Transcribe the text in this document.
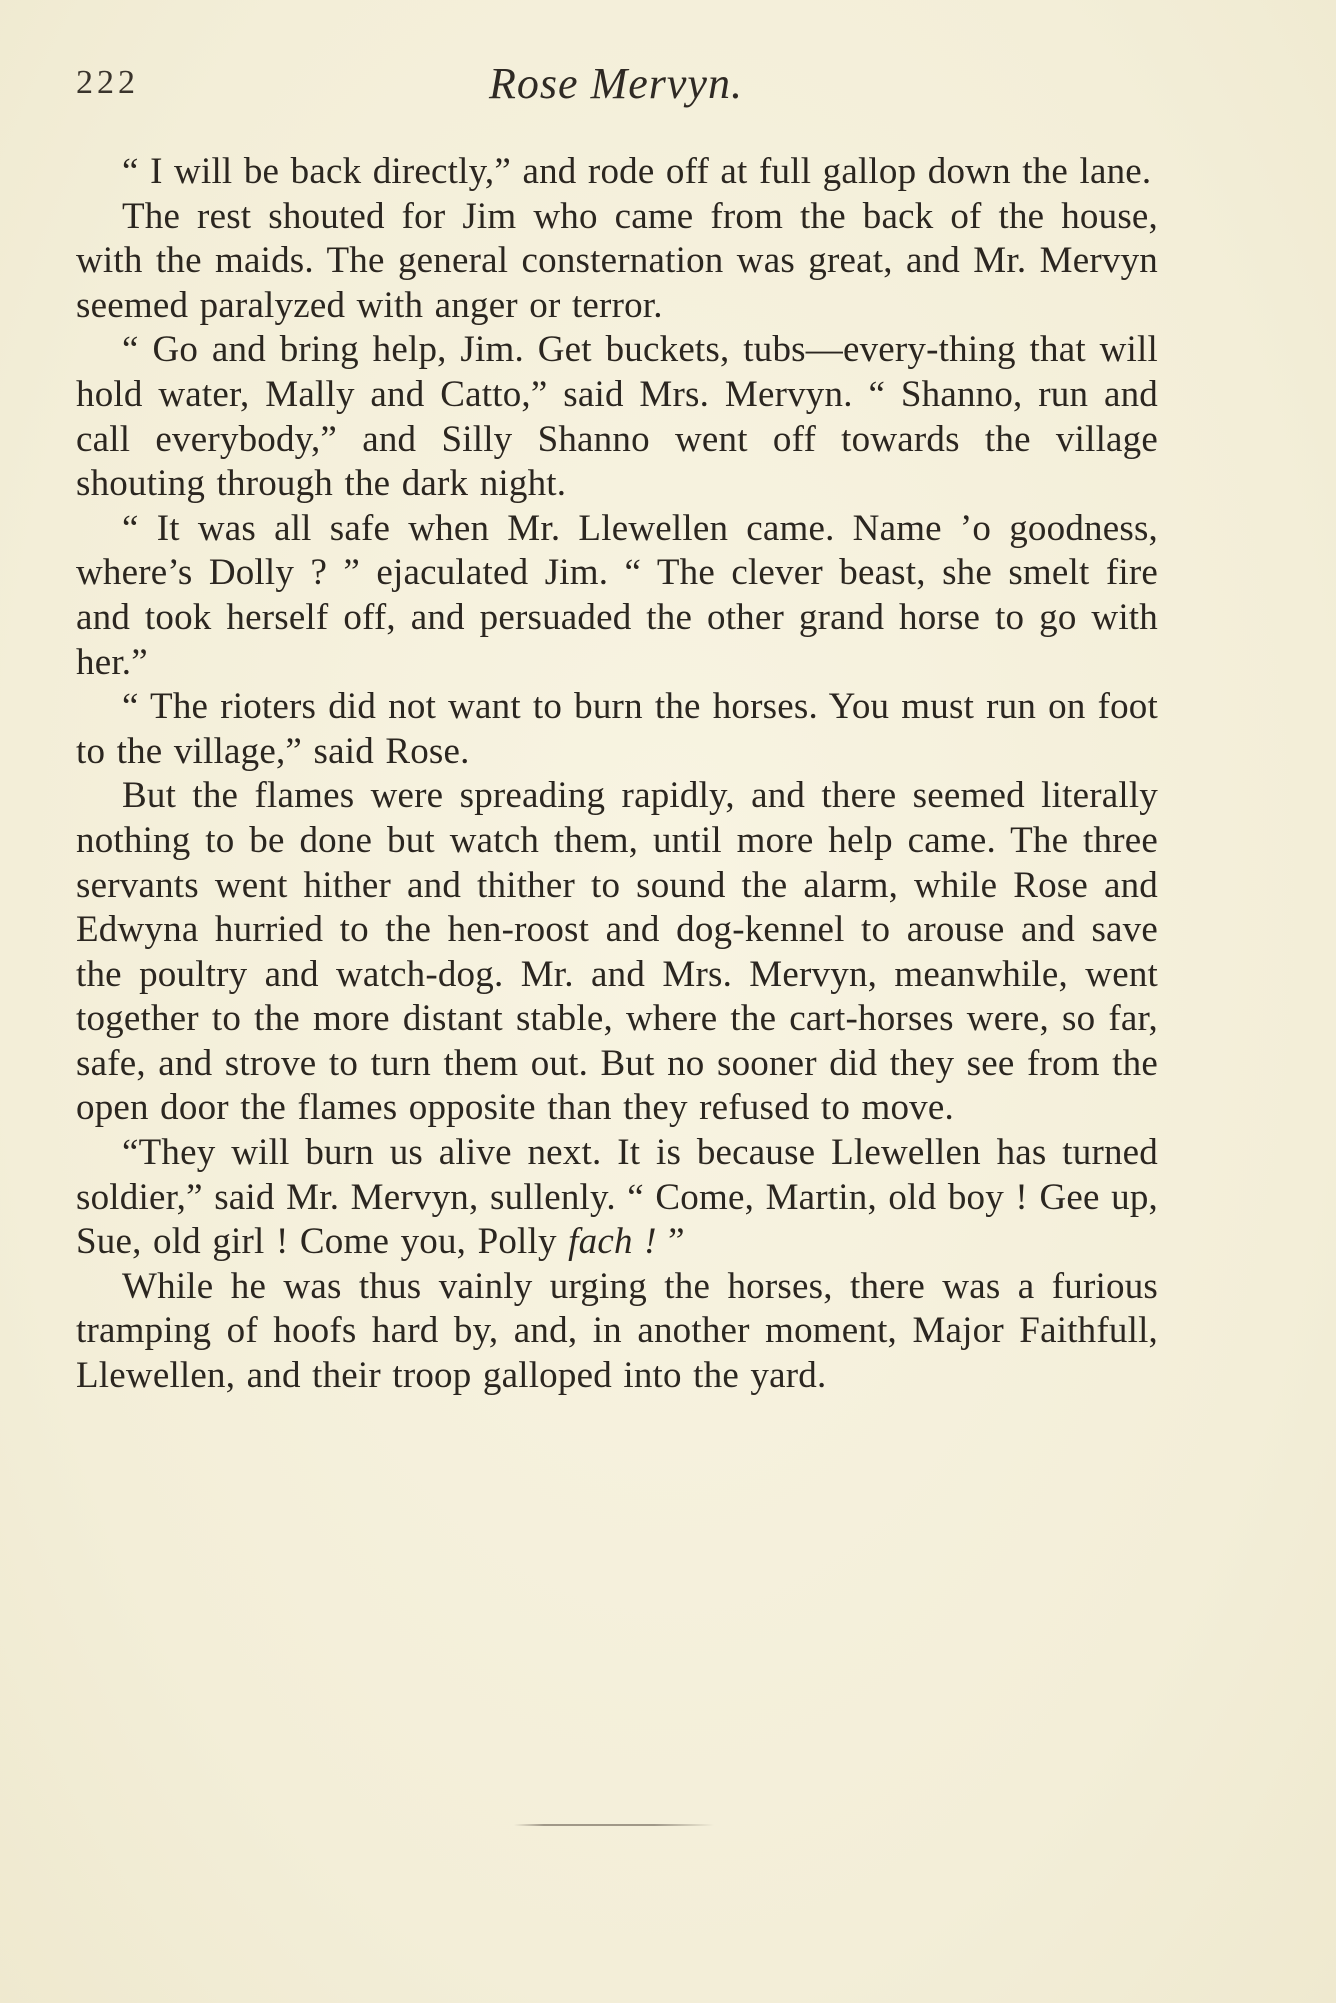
222	Rose Mervyn.

“ I will be back directly,” and rode off at full gallop down the lane.

The rest shouted for Jim who came from the back of the house, with the maids. The general consternation was great, and Mr. Mervyn seemed paralyzed with anger or terror.

“ Go and bring help, Jim. Get buckets, tubs—every-thing that will hold water, Mally and Catto,” said Mrs. Mervyn. “ Shanno, run and call everybody,” and Silly Shanno went off towards the village shouting through the dark night.

“ It was all safe when Mr. Llewellen came. Name ’o goodness, where’s Dolly ? ” ejaculated Jim. “ The clever beast, she smelt fire and took herself off, and persuaded the other grand horse to go with her.”

“ The rioters did not want to burn the horses. You must run on foot to the village,” said Rose.

But the flames were spreading rapidly, and there seemed literally nothing to be done but watch them, until more help came. The three servants went hither and thither to sound the alarm, while Rose and Edwyna hurried to the hen-roost and dog-kennel to arouse and save the poultry and watch-dog. Mr. and Mrs. Mervyn, meanwhile, went together to the more distant stable, where the cart-horses were, so far, safe, and strove to turn them out. But no sooner did they see from the open door the flames opposite than they refused to move.

“They will burn us alive next. It is because Llewellen has turned soldier,” said Mr. Mervyn, sullenly. “ Come, Martin, old boy ! Gee up, Sue, old girl ! Come you, Polly fach ! ”

While he was thus vainly urging the horses, there was a furious tramping of hoofs hard by, and, in another moment, Major Faithfull, Llewellen, and their troop galloped into the yard.
